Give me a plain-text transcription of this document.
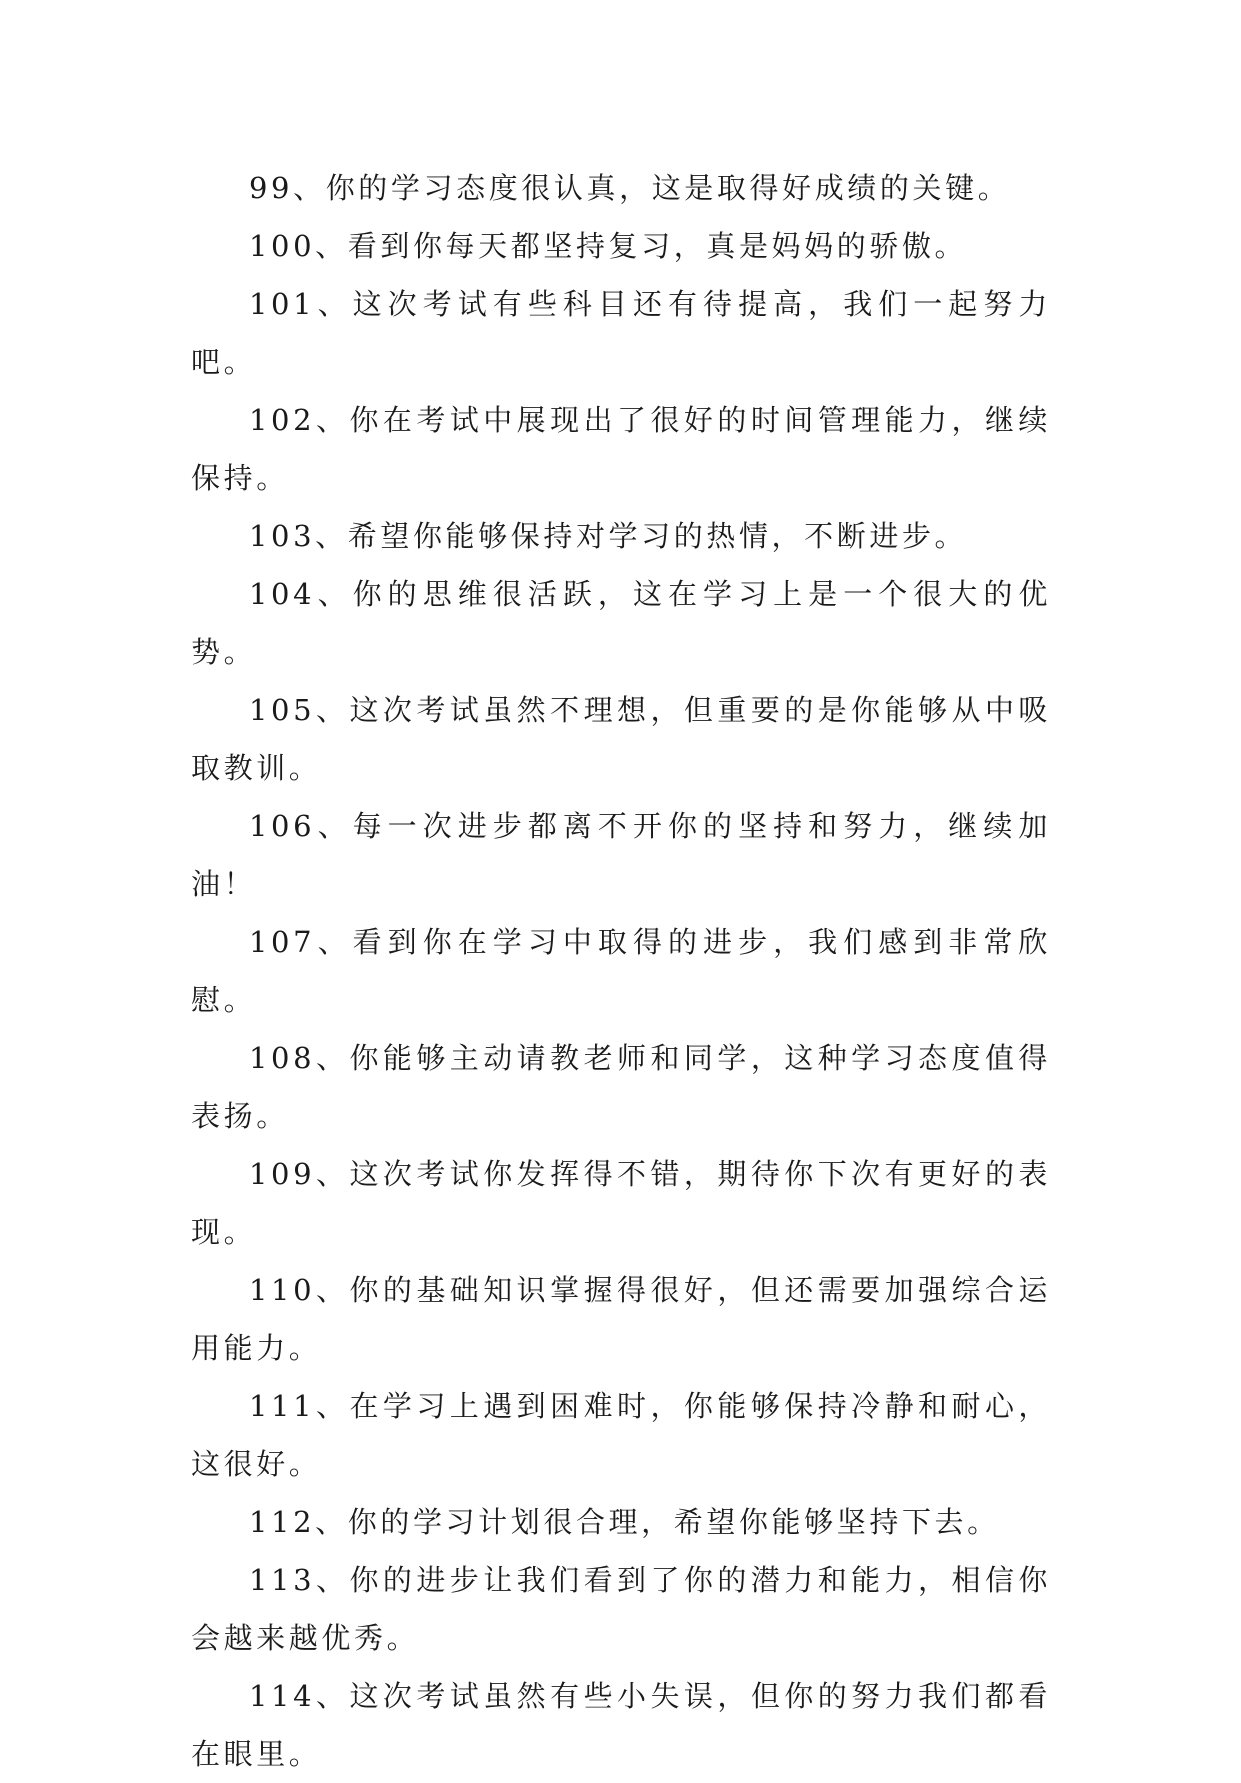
99、你的学习态度很认真，这是取得好成绩的关键。

100、看到你每天都坚持复习，真是妈妈的骄傲。

101、这次考试有些科目还有待提高，我们一起努力吧。

102、你在考试中展现出了很好的时间管理能力，继续保持。

103、希望你能够保持对学习的热情，不断进步。

104、你的思维很活跃，这在学习上是一个很大的优势。

105、这次考试虽然不理想，但重要的是你能够从中吸取教训。

106、每一次进步都离不开你的坚持和努力，继续加油！

107、看到你在学习中取得的进步，我们感到非常欣慰。

108、你能够主动请教老师和同学，这种学习态度值得表扬。

109、这次考试你发挥得不错，期待你下次有更好的表现。

110、你的基础知识掌握得很好，但还需要加强综合运用能力。

111、在学习上遇到困难时，你能够保持冷静和耐心，这很好。

112、你的学习计划很合理，希望你能够坚持下去。

113、你的进步让我们看到了你的潜力和能力，相信你会越来越优秀。

114、这次考试虽然有些小失误，但你的努力我们都看在眼里。
